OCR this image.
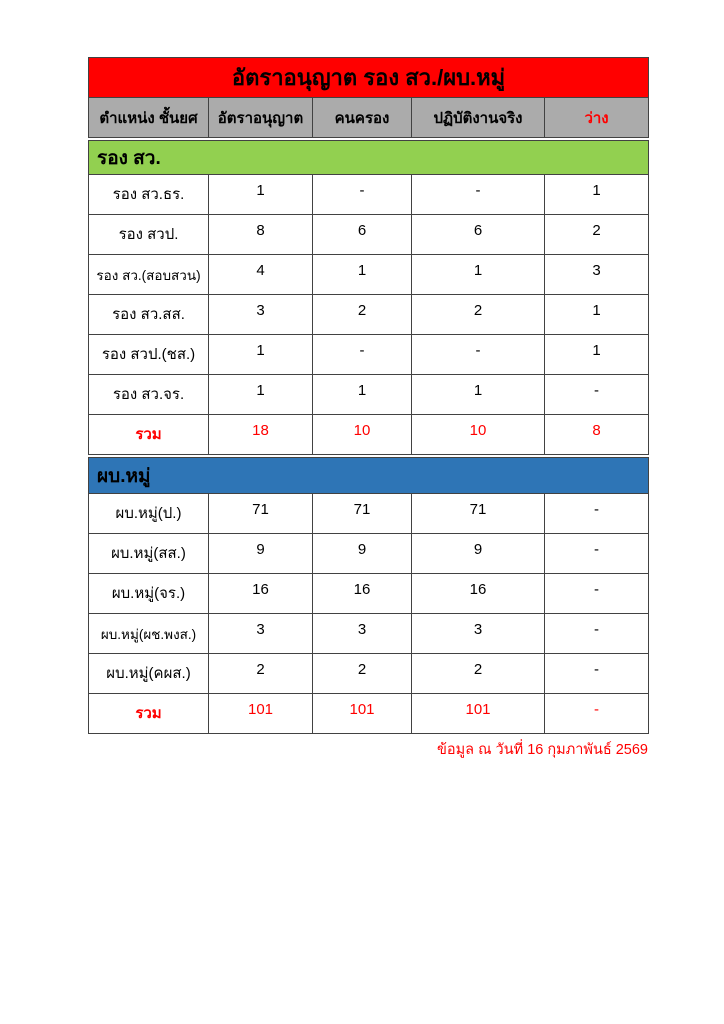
อัตราอนุญาต รอง สว./ผบ.หมู่				
ตำแหน่ง ชั้นยศ	อัตราอนุญาต	คนครอง	ปฏิบัติงานจริง	ว่าง

รอง สว.				
รอง สว.ธร.	1	-	-	1
รอง สวป.	8	6	6	2
รอง สว.(สอบสวน)	4	1	1	3
รอง สว.สส.	3	2	2	1
รอง สวป.(ชส.)	1	-	-	1
รอง สว.จร.	1	1	1	-
รวม	18	10	10	8

ผบ.หมู่				
ผบ.หมู่(ป.)	71	71	71	-
ผบ.หมู่(สส.)	9	9	9	-
ผบ.หมู่(จร.)	16	16	16	-
ผบ.หมู่(ผช.พงส.)	3	3	3	-
ผบ.หมู่(คผส.)	2	2	2	-
รวม	101	101	101	-
ข้อมูล ณ วันที่ 16 กุมภาพันธ์ 2569
